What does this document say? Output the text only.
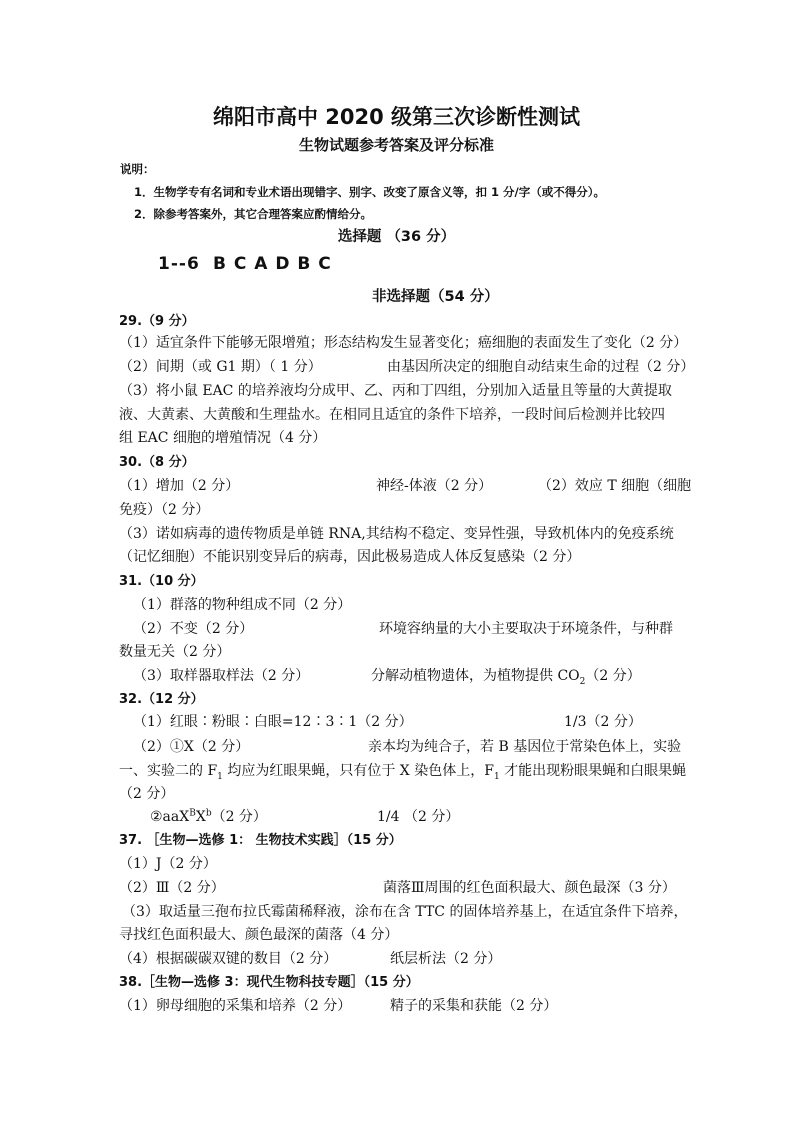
绵阳市高中 2020 级第三次诊断性测试
生物试题参考答案及评分标准
说明：
1．生物学专有名词和专业术语出现错字、别字、改变了原含义等，扣 1 分/字（或不得分）。
2．除参考答案外，其它合理答案应酌情给分。
选择题 （36 分）
1--6 B C A D B C
非选择题（54 分）
29.（9 分）
（1）适宜条件下能够无限增殖；形态结构发生显著变化；癌细胞的表面发生了变化（2 分）
（2）间期（或 G1 期）（ 1 分）	由基因所决定的细胞自动结束生命的过程（2 分）
（3）将小鼠 EAC 的培养液均分成甲、乙、丙和丁四组，分别加入适量且等量的大黄提取
液、大黄素、大黄酸和生理盐水。在相同且适宜的条件下培养，一段时间后检测并比较四
组 EAC 细胞的增殖情况（4 分）
30.（8 分）
（1）增加（2 分）	神经-体液（2 分）	（2）效应 T 细胞（细胞
免疫）（2 分）
（3）诺如病毒的遗传物质是单链 RNA,其结构不稳定、变异性强，导致机体内的免疫系统
（记忆细胞）不能识别变异后的病毒，因此极易造成人体反复感染（2 分）
31.（10 分）
（1）群落的物种组成不同（2 分）
（2）不变（2 分）	环境容纳量的大小主要取决于环境条件，与种群
数量无关（2 分）
（3）取样器取样法（2 分）	分解动植物遗体，为植物提供 $CO_2(2$ 分）
32.（12 分）
（1）红眼∶粉眼∶白眼=12∶3∶1（2 分）	1/3（2 分）
（2）①X（2 分）	亲本均为纯合子，若 B 基因位于常染色体上，实验
一、实验二的 $F_1$ 均应为红眼果蝇，只有位于 X 染色体上，$F_1$ 才能出现粉眼果蝇和白眼果蝇
（2 分）
$②aaX^BX^b(2$ 分）	1/4 （2 分）
37. ［生物—选修 1： 生物技术实践］（15 分）
（1）J（2 分）
（2）Ⅲ（2 分）	菌落Ⅲ周围的红色面积最大、颜色最深（3 分）
（3）取适量三孢布拉氏霉菌稀释液，涂布在含 TTC 的固体培养基上，在适宜条件下培养，
寻找红色面积最大、颜色最深的菌落（4 分）
（4）根据碳碳双键的数目（2 分）	纸层析法（2 分）
38.［生物—选修 3：现代生物科技专题］（15 分）
（1）卵母细胞的采集和培养（2 分）	精子的采集和获能（2 分）
